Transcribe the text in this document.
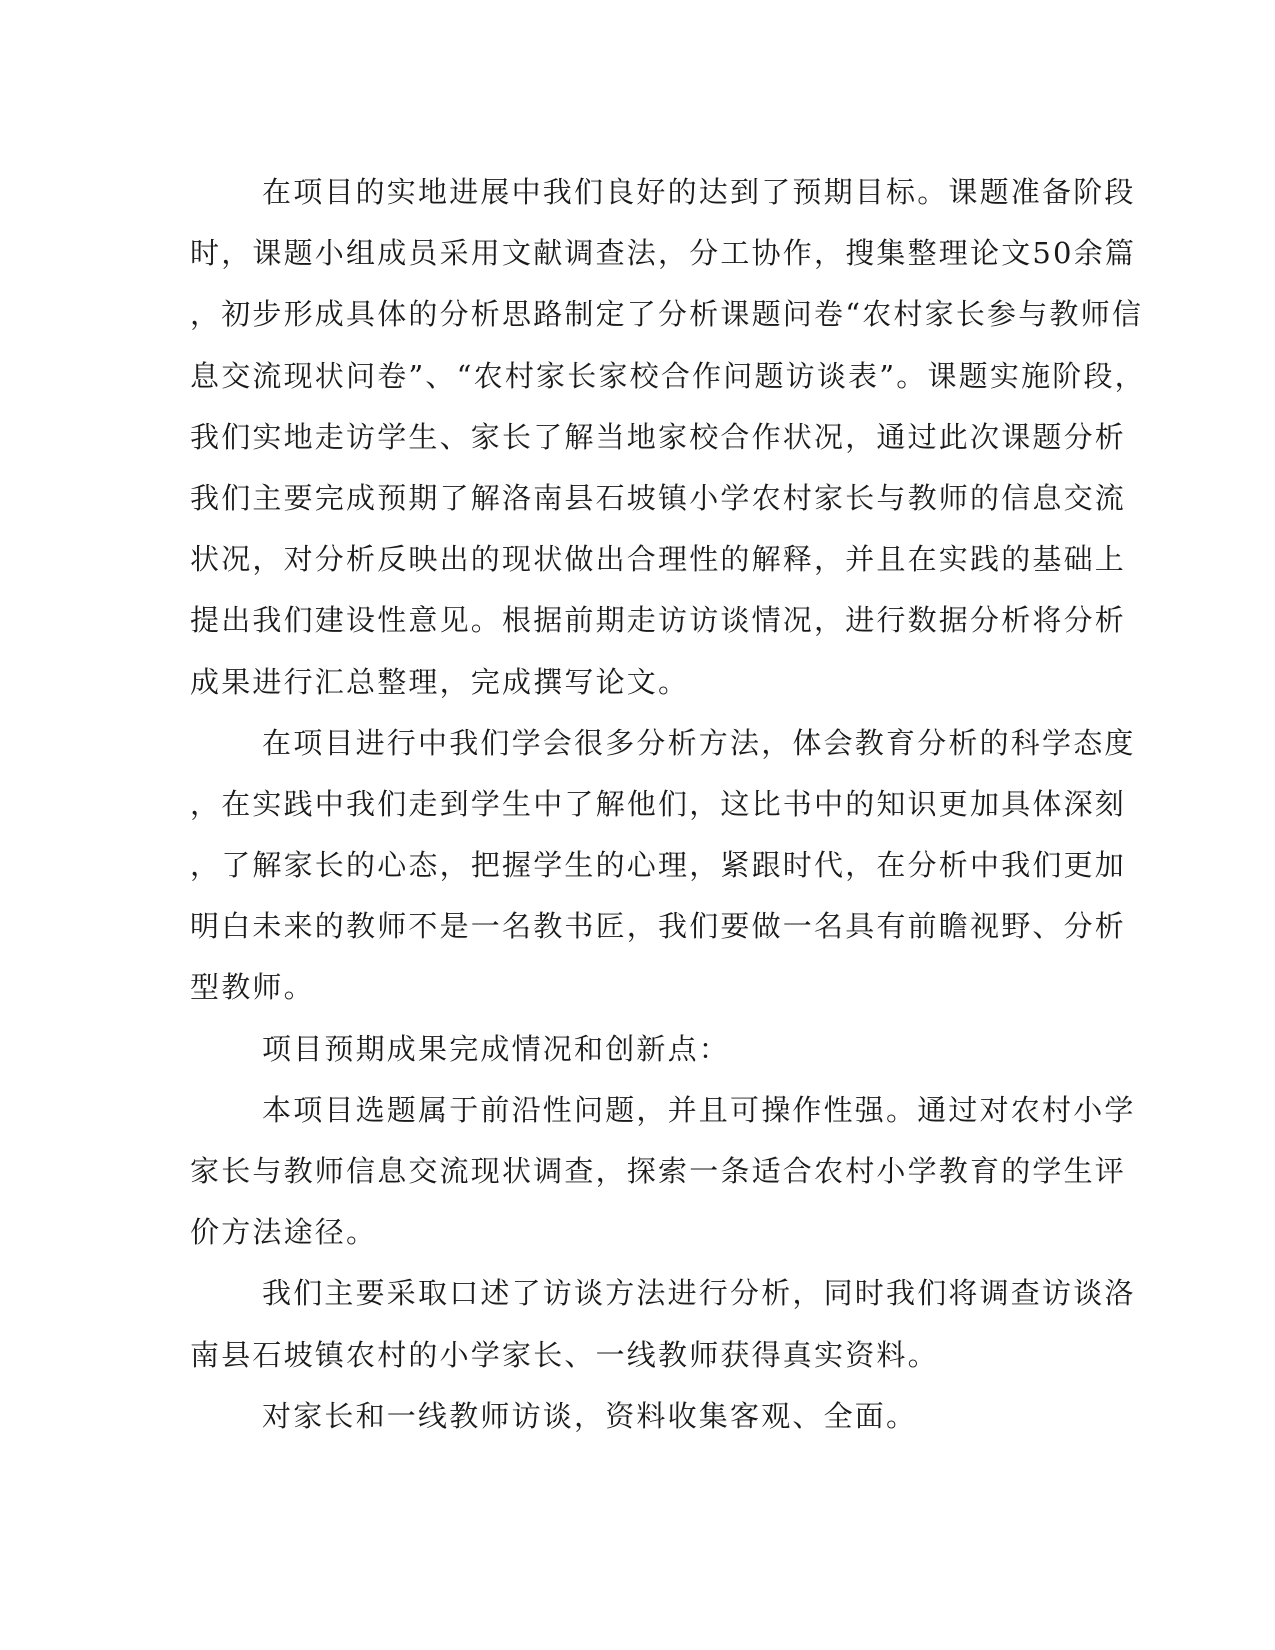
在项目的实地进展中我们良好的达到了预期目标。课题准备阶段
时，课题小组成员采用文献调查法，分工协作，搜集整理论文50余篇
，初步形成具体的分析思路制定了分析课题问卷“农村家长参与教师信
息交流现状问卷”、“农村家长家校合作问题访谈表”。课题实施阶段，
我们实地走访学生、家长了解当地家校合作状况，通过此次课题分析
我们主要完成预期了解洛南县石坡镇小学农村家长与教师的信息交流
状况，对分析反映出的现状做出合理性的解释，并且在实践的基础上
提出我们建设性意见。根据前期走访访谈情况，进行数据分析将分析
成果进行汇总整理，完成撰写论文。
在项目进行中我们学会很多分析方法，体会教育分析的科学态度
，在实践中我们走到学生中了解他们，这比书中的知识更加具体深刻
，了解家长的心态，把握学生的心理，紧跟时代，在分析中我们更加
明白未来的教师不是一名教书匠，我们要做一名具有前瞻视野、分析
型教师。
项目预期成果完成情况和创新点：
本项目选题属于前沿性问题，并且可操作性强。通过对农村小学
家长与教师信息交流现状调查，探索一条适合农村小学教育的学生评
价方法途径。
我们主要采取口述了访谈方法进行分析，同时我们将调查访谈洛
南县石坡镇农村的小学家长、一线教师获得真实资料。
对家长和一线教师访谈，资料收集客观、全面。
